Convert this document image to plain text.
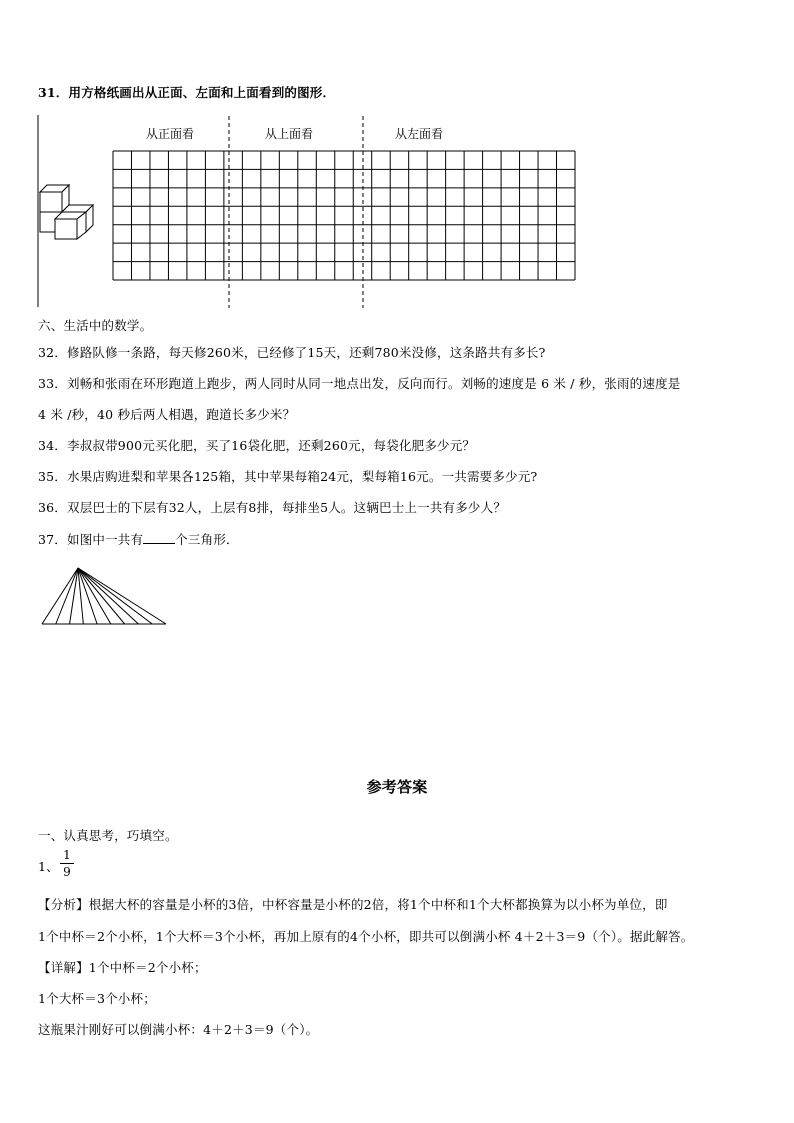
31．用方格纸画出从正面、左面和上面看到的图形．
从正面看	从上面看	从左面看
六、生活中的数学。
32．修路队修一条路，每天修260米，已经修了15天，还剩780米没修，这条路共有多长?
33．刘畅和张雨在环形跑道上跑步，两人同时从同一地点出发，反向而行。刘畅的速度是 6 米 / 秒，张雨的速度是
4 米 /秒，40 秒后两人相遇，跑道长多少米？
34．李叔叔带900元买化肥，买了16袋化肥，还剩260元，每袋化肥多少元？
35．水果店购进梨和苹果各125箱，其中苹果每箱24元，梨每箱16元。一共需要多少元?
36．双层巴士的下层有32人，上层有8排，每排坐5人。这辆巴士上一共有多少人？
37．如图中一共有	个三角形．
参考答案
一、认真思考，巧填空。
1、
1
9
【分析】根据大杯的容量是小杯的3倍，中杯容量是小杯的2倍，将1个中杯和1个大杯都换算为以小杯为单位，即
1个中杯＝2个小杯，1个大杯＝3个小杯，再加上原有的4个小杯，即共可以倒满小杯 4＋2＋3＝9（个）。据此解答。
【详解】1个中杯＝2个小杯；
1个大杯＝3个小杯；
这瓶果汁刚好可以倒满小杯：4＋2＋3＝9（个）。
